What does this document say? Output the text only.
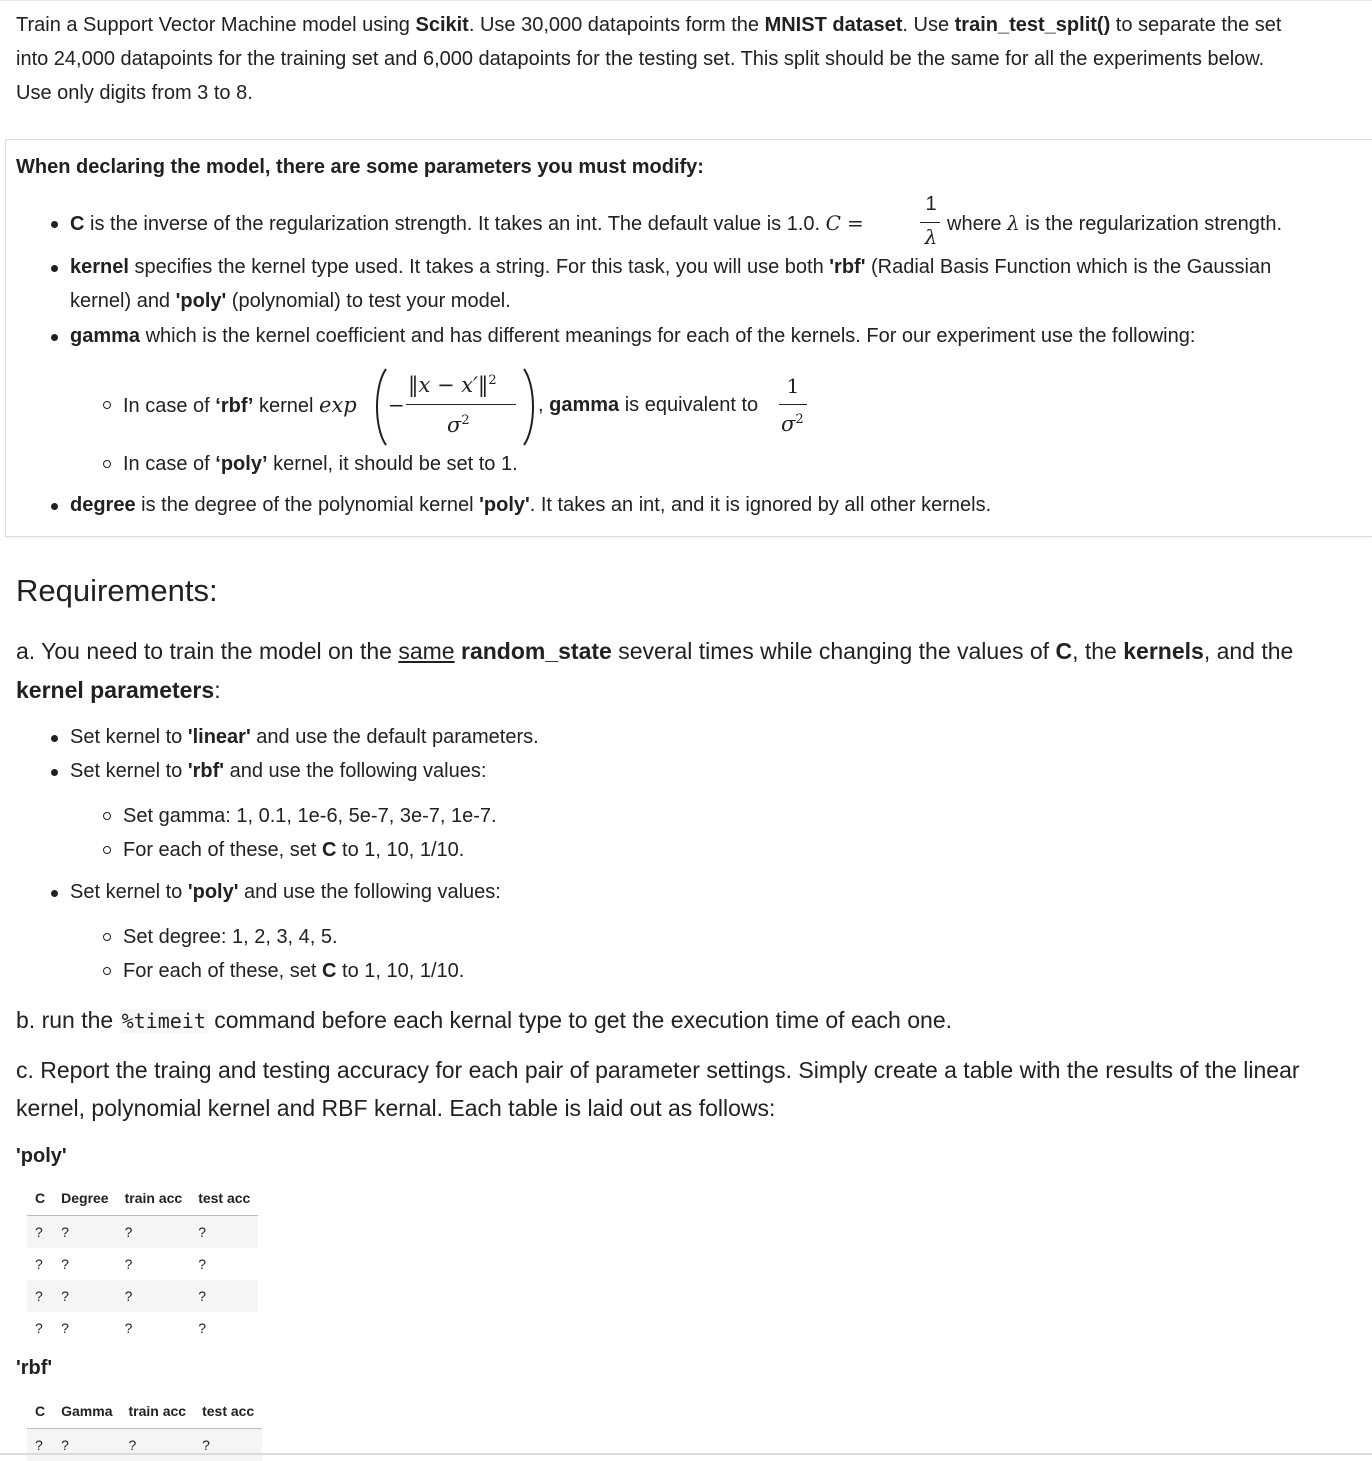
Train a Support Vector Machine model using Scikit. Use 30,000 datapoints form the MNIST dataset. Use train_test_split() to separate the set
into 24,000 datapoints for the training set and 6,000 datapoints for the testing set. This split should be the same for all the experiments below.
Use only digits from 3 to 8.
When declaring the model, there are some parameters you must modify:
C is the inverse of the regularization strength. It takes an int. The default value is 1.0. C =
1
λ
where λ is the regularization strength.
kernel specifies the kernel type used. It takes a string. For this task, you will use both 'rbf' (Radial Basis Function which is the Gaussian
kernel) and 'poly' (polynomial) to test your model.
gamma which is the kernel coefficient and has different meanings for each of the kernels. For our experiment use the following:
In case of ‘rbf’ kernel exp −
‖x − x′‖$^2$
$\sigma^2$
, gamma is equivalent to
1
$\sigma^2$
In case of ‘poly’ kernel, it should be set to 1.
degree is the degree of the polynomial kernel 'poly'. It takes an int, and it is ignored by all other kernels.
Requirements:
a. You need to train the model on the same random_state several times while changing the values of C, the kernels, and the
kernel parameters:
Set kernel to 'linear' and use the default parameters.
Set kernel to 'rbf' and use the following values:
Set gamma: 1, 0.1, 1e-6, 5e-7, 3e-7, 1e-7.
For each of these, set C to 1, 10, 1/10.
Set kernel to 'poly' and use the following values:
Set degree: 1, 2, 3, 4, 5.
For each of these, set C to 1, 10, 1/10.
b. run the %timeit command before each kernal type to get the execution time of each one.
c. Report the traing and testing accuracy for each pair of parameter settings. Simply create a table with the results of the linear
kernel, polynomial kernel and RBF kernal. Each table is laid out as follows:
'poly'
C	Degree	train acc	test acc
?	?	?	?
?	?	?	?
?	?	?	?
?	?	?	?
'rbf'
C	Gamma	train acc	test acc
?	?	?	?
